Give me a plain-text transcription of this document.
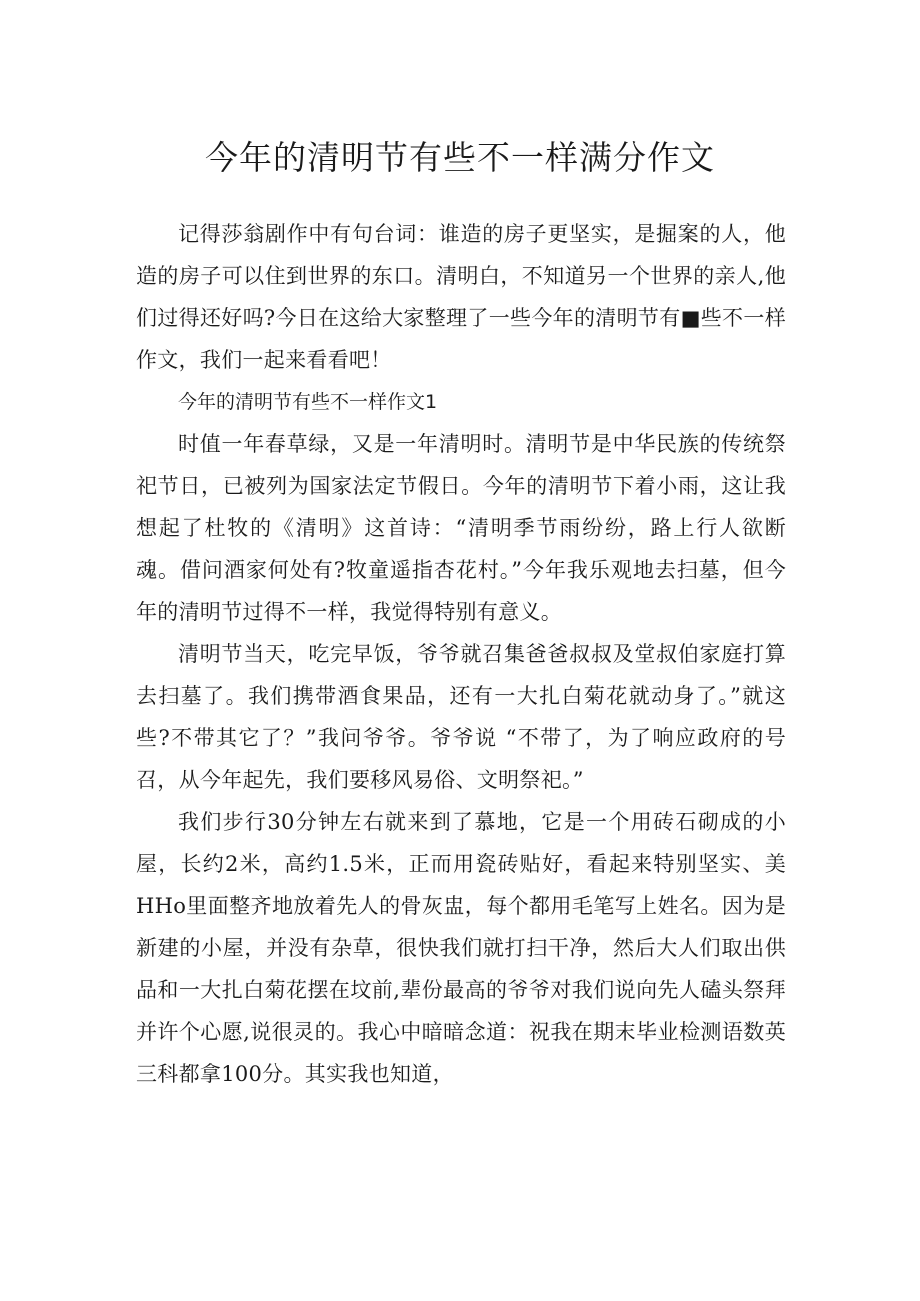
今年的清明节有些不一样满分作文

记得莎翁剧作中有句台词：谁造的房子更坚实，是掘案的人，他造的房子可以住到世界的东口。清明白，不知道另一个世界的亲人,他们过得还好吗?今日在这给大家整理了一些今年的清明节有■些不一样作文，我们一起来看看吧！

今年的清明节有些不一样作文1

时值一年春草绿，又是一年清明时。清明节是中华民族的传统祭祀节日，已被列为国家法定节假日。今年的清明节下着小雨，这让我想起了杜牧的《清明》这首诗：“清明季节雨纷纷，路上行人欲断魂。借问酒家何处有?牧童遥指杏花村。”今年我乐观地去扫墓，但今年的清明节过得不一样，我觉得特别有意义。

清明节当天，吃完早饭，爷爷就召集爸爸叔叔及堂叔伯家庭打算去扫墓了。我们携带酒食果品，还有一大扎白菊花就动身了。”就这些?不带其它了？”我问爷爷。爷爷说 “不带了，为了响应政府的号召，从今年起先，我们要移风易俗、文明祭祀。”

我们步行30分钟左右就来到了慕地，它是一个用砖石砌成的小屋，长约2米，高约1.5米，正而用瓷砖贴好，看起来特别坚实、美HHo里面整齐地放着先人的骨灰盅，每个都用毛笔写上姓名。因为是新建的小屋，并没有杂草，很快我们就打扫干净，然后大人们取出供品和一大扎白菊花摆在坟前,辈份最高的爷爷对我们说向先人磕头祭拜并许个心愿,说很灵的。我心中暗暗念道：祝我在期末毕业检测语数英三科都拿100分。其实我也知道，
